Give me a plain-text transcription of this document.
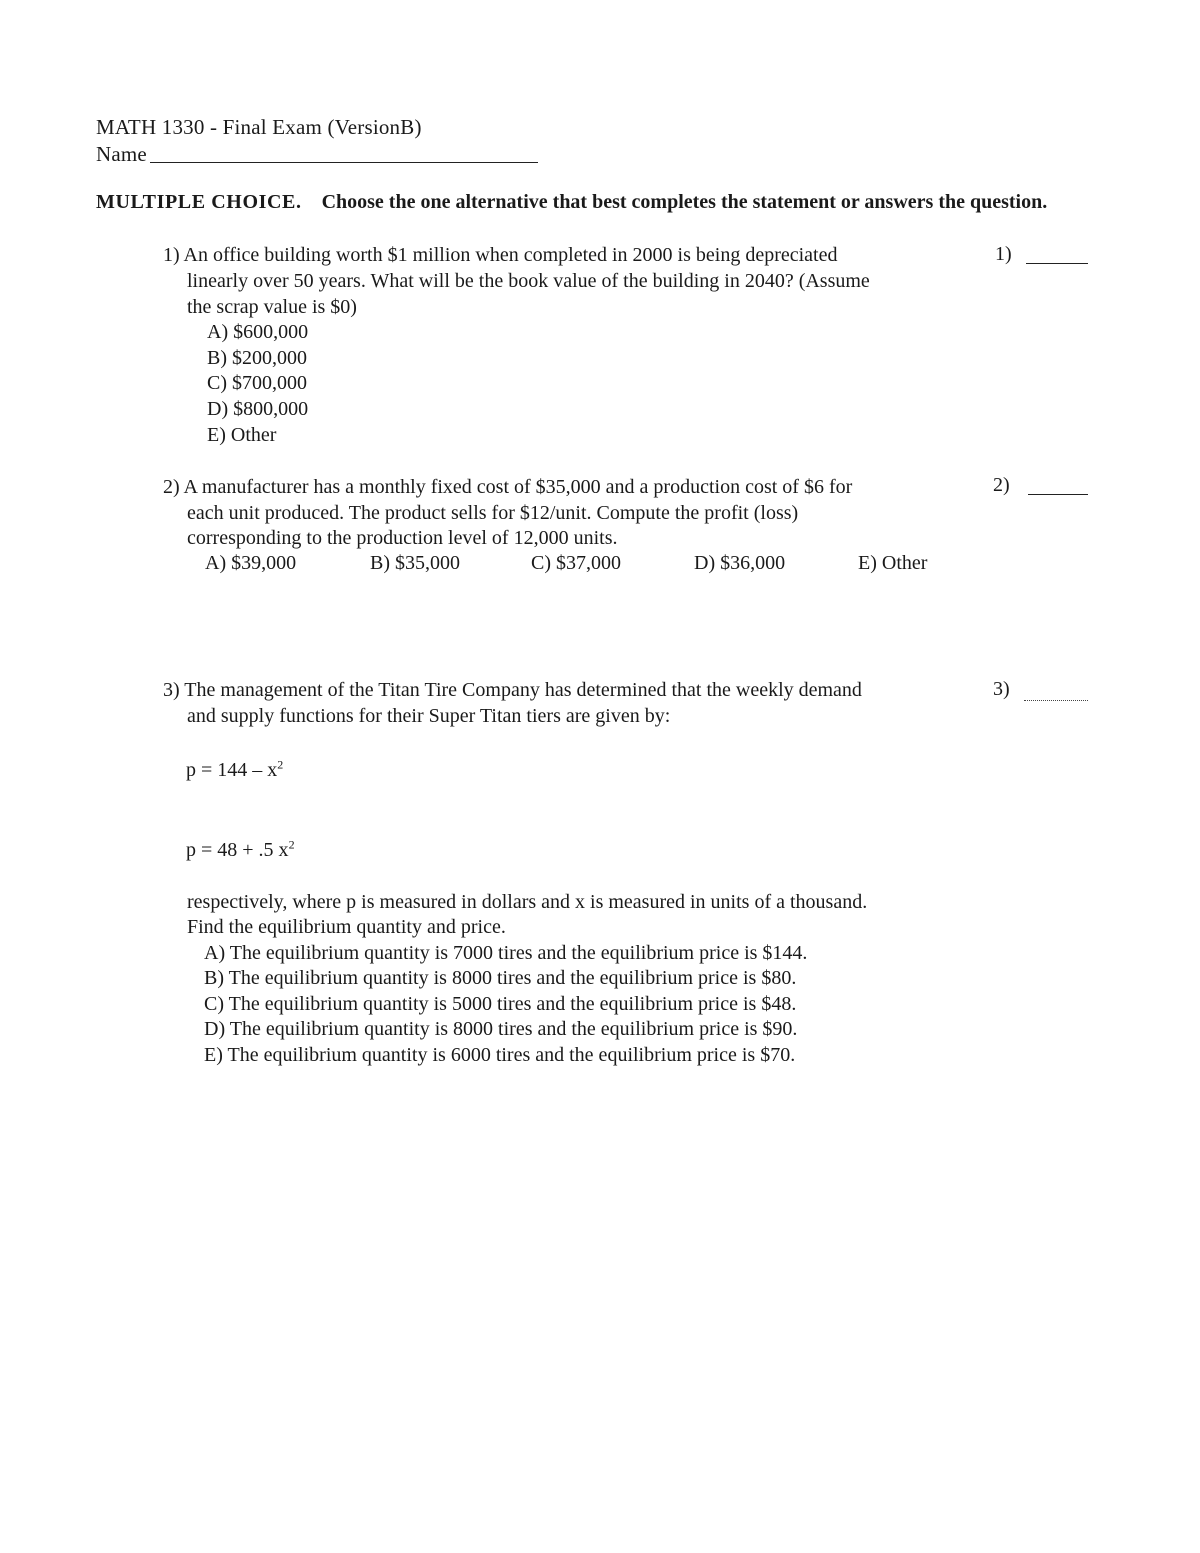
MATH 1330 - Final Exam (VersionB)
Name
MULTIPLE CHOICE. Choose the one alternative that best completes the statement or answers the question.
1) An office building worth $1 million when completed in 2000 is being depreciated
linearly over 50 years. What will be the book value of the building in 2040? (Assume
the scrap value is $0)
A) $600,000
B) $200,000
C) $700,000
D) $800,000
E) Other
1)
2) A manufacturer has a monthly fixed cost of $35,000 and a production cost of $6 for
each unit produced. The product sells for $12/unit. Compute the profit (loss)
corresponding to the production level of 12,000 units.
A) $39,000	B) $35,000	C) $37,000	D) $36,000	E) Other
2)
3) The management of the Titan Tire Company has determined that the weekly demand
and supply functions for their Super Titan tiers are given by:
$p = 144 - x^2$
p = 48 + .5 $x^2$
respectively, where p is measured in dollars and x is measured in units of a thousand.
Find the equilibrium quantity and price.
A) The equilibrium quantity is 7000 tires and the equilibrium price is $144.
B) The equilibrium quantity is 8000 tires and the equilibrium price is $80.
C) The equilibrium quantity is 5000 tires and the equilibrium price is $48.
D) The equilibrium quantity is 8000 tires and the equilibrium price is $90.
E) The equilibrium quantity is 6000 tires and the equilibrium price is $70.
3)
